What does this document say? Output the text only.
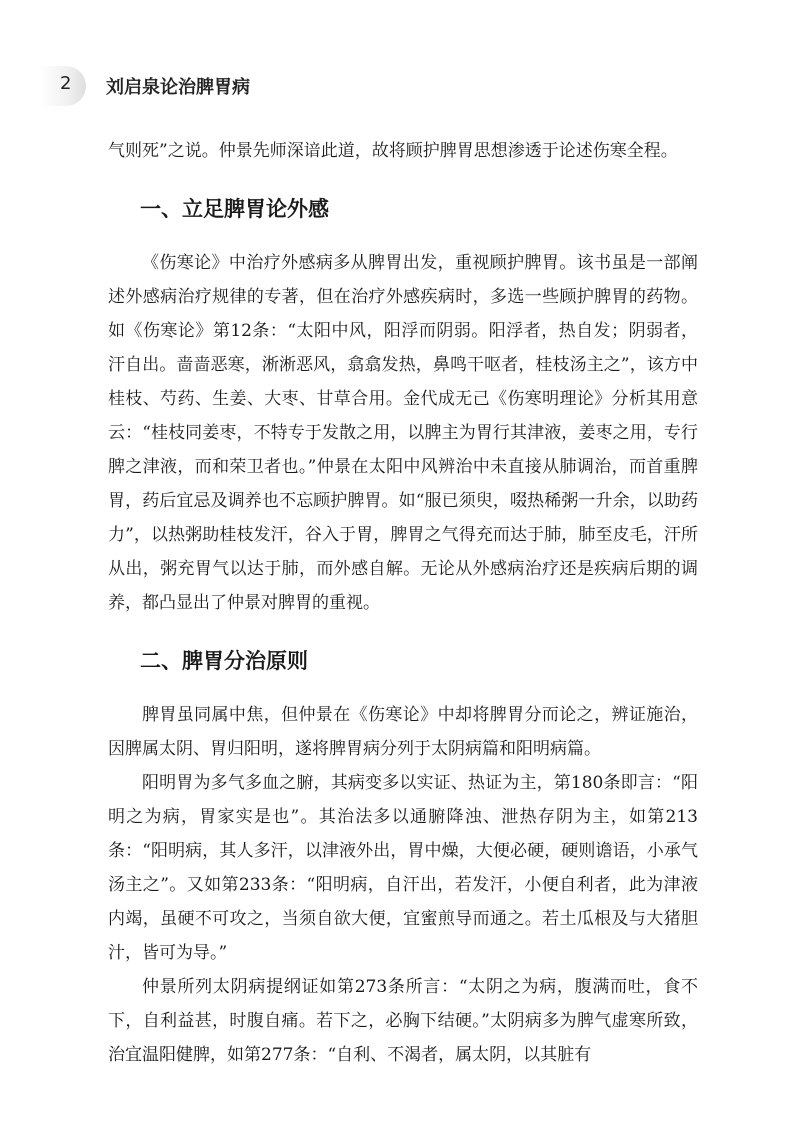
2 刘启泉论治脾胃病

气则死”之说。仲景先师深谙此道，故将顾护脾胃思想渗透于论述伤寒全程。

一、立足脾胃论外感

《伤寒论》中治疗外感病多从脾胃出发，重视顾护脾胃。该书虽是一部阐述外感病治疗规律的专著，但在治疗外感疾病时，多选一些顾护脾胃的药物。如《伤寒论》第12条：“太阳中风，阳浮而阴弱。阳浮者，热自发；阴弱者，汗自出。啬啬恶寒，淅淅恶风，翕翕发热，鼻鸣干呕者，桂枝汤主之”，该方中桂枝、芍药、生姜、大枣、甘草合用。金代成无己《伤寒明理论》分析其用意云：“桂枝同姜枣，不特专于发散之用，以脾主为胃行其津液，姜枣之用，专行脾之津液，而和荣卫者也。”仲景在太阳中风辨治中未直接从肺调治，而首重脾胃，药后宜忌及调养也不忘顾护脾胃。如“服已须臾，啜热稀粥一升余，以助药力”，以热粥助桂枝发汗，谷入于胃，脾胃之气得充而达于肺，肺至皮毛，汗所从出，粥充胃气以达于肺，而外感自解。无论从外感病治疗还是疾病后期的调养，都凸显出了仲景对脾胃的重视。

二、脾胃分治原则

脾胃虽同属中焦，但仲景在《伤寒论》中却将脾胃分而论之，辨证施治，因脾属太阴、胃归阳明，遂将脾胃病分列于太阴病篇和阳明病篇。

阳明胃为多气多血之腑，其病变多以实证、热证为主，第180条即言：“阳明之为病，胃家实是也”。其治法多以通腑降浊、泄热存阴为主，如第213条：“阳明病，其人多汗，以津液外出，胃中燥，大便必硬，硬则谵语，小承气汤主之”。又如第233条：“阳明病，自汗出，若发汗，小便自利者，此为津液内竭，虽硬不可攻之，当须自欲大便，宜蜜煎导而通之。若土瓜根及与大猪胆汁，皆可为导。”

仲景所列太阴病提纲证如第273条所言：“太阴之为病，腹满而吐，食不下，自利益甚，时腹自痛。若下之，必胸下结硬。”太阴病多为脾气虚寒所致，治宜温阳健脾，如第277条：“自利、不渴者，属太阴，以其脏有
